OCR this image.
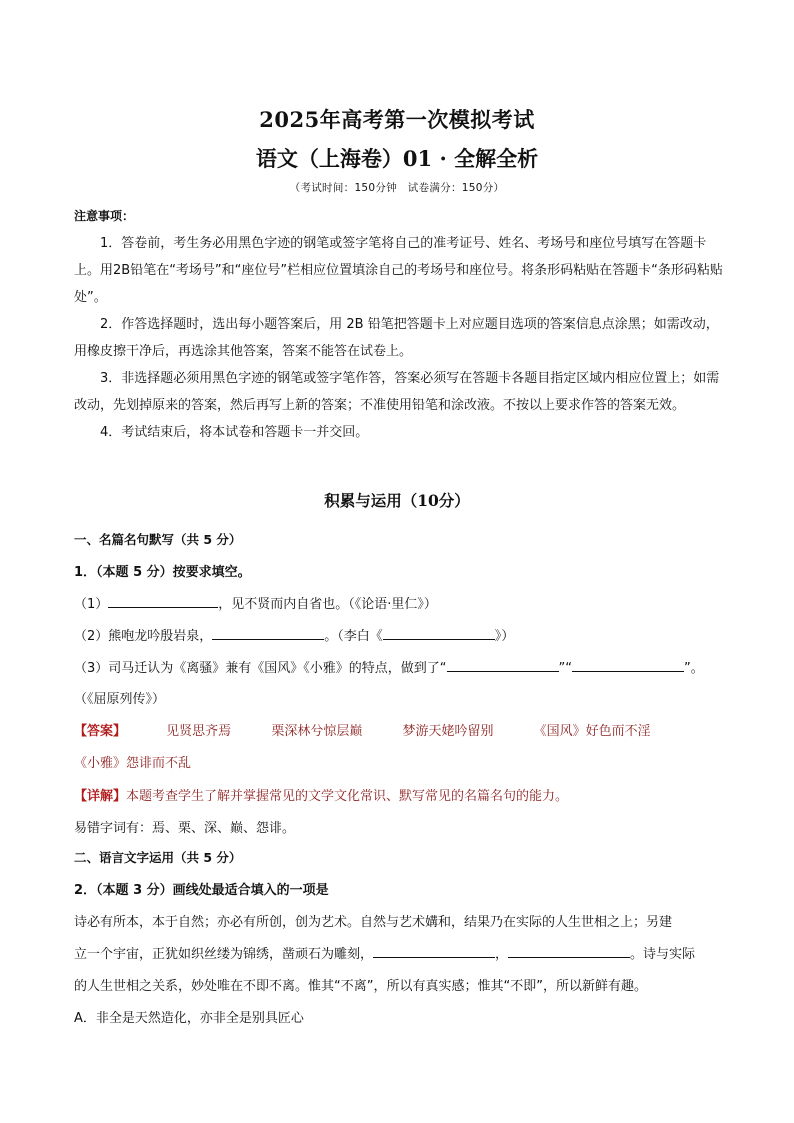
2025年高考第一次模拟考试
语文（上海卷）01 · 全解全析
（考试时间：150分钟　试卷满分：150分）
注意事项：
1．答卷前，考生务必用黑色字迹的钢笔或签字笔将自己的准考证号、姓名、考场号和座位号填写在答题卡上。用2B铅笔在“考场号”和“座位号”栏相应位置填涂自己的考场号和座位号。将条形码粘贴在答题卡“条形码粘贴处”。
2．作答选择题时，选出每小题答案后，用 2B 铅笔把答题卡上对应题目选项的答案信息点涂黑；如需改动，用橡皮擦干净后，再选涂其他答案，答案不能答在试卷上。
3．非选择题必须用黑色字迹的钢笔或签字笔作答，答案必须写在答题卡各题目指定区域内相应位置上；如需改动，先划掉原来的答案，然后再写上新的答案；不准使用铅笔和涂改液。不按以上要求作答的答案无效。
4．考试结束后，将本试卷和答题卡一并交回。
积累与运用（10分）
一、名篇名句默写（共 5 分）
1．（本题 5 分）按要求填空。
（1）	，见不贤而内自省也。（《论语·里仁》）
（2）熊咆龙吟殷岩泉，	。（李白《	》）
（3）司马迁认为《离骚》兼有《国风》《小雅》的特点，做到了“	”“	”。
（《屈原列传》）
【答案】	见贤思齐焉	栗深林兮惊层巅	梦游天姥吟留别	《国风》好色而不淫
《小雅》怨诽而不乱
【详解】本题考查学生了解并掌握常见的文学文化常识、默写常见的名篇名句的能力。
易错字词有：焉、栗、深、巅、怨诽。
二、语言文字运用（共 5 分）
2．（本题 3 分）画线处最适合填入的一项是
诗必有所本，本于自然；亦必有所创，创为艺术。自然与艺术媾和，结果乃在实际的人生世相之上；另建
立一个宇宙，正犹如织丝缕为锦绣，凿顽石为雕刻，	，	。诗与实际
的人生世相之关系，妙处唯在不即不离。惟其“不离”，所以有真实感；惟其“不即”，所以新鲜有趣。
A．非全是天然造化，亦非全是别具匠心
